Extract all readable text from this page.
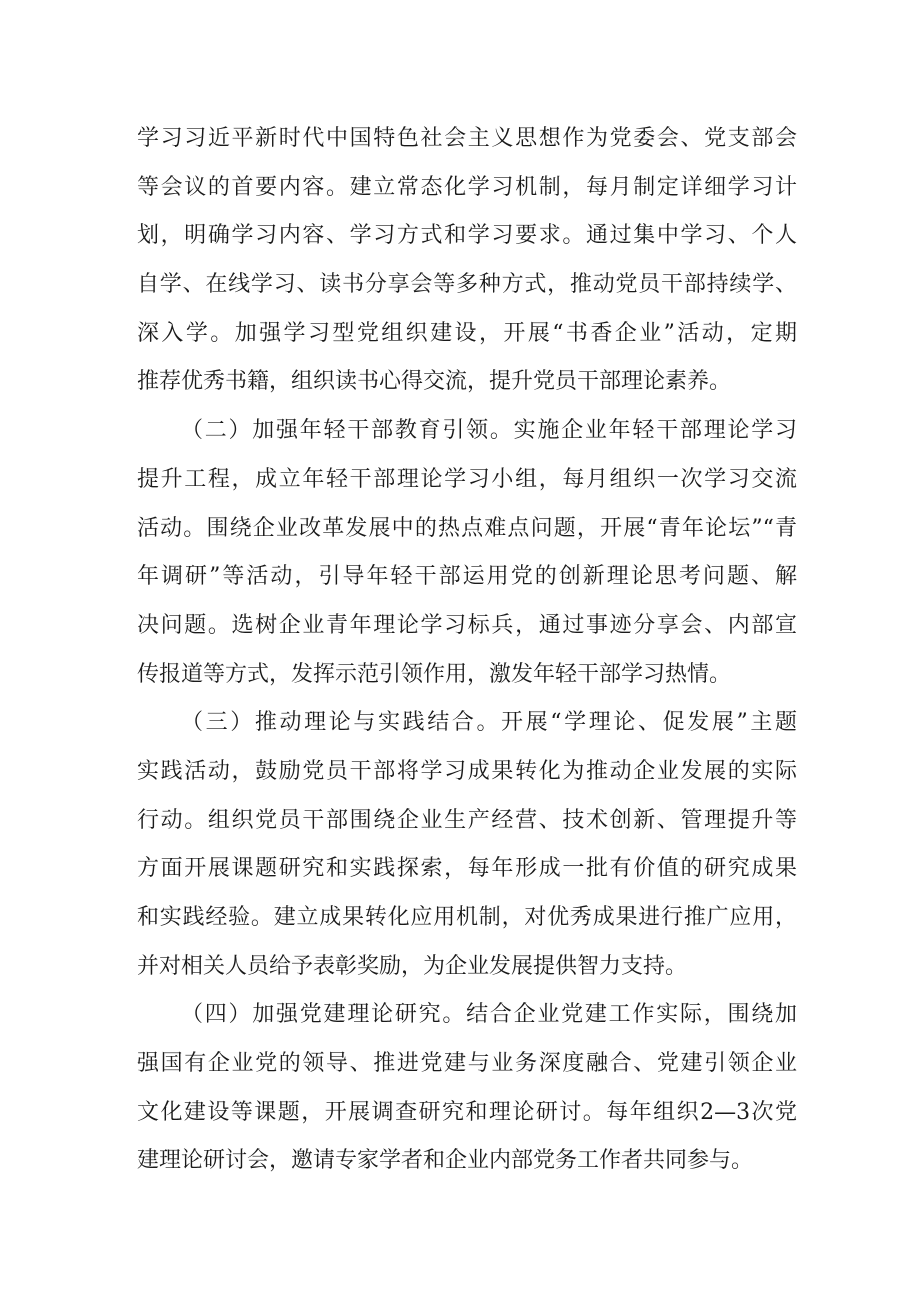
学习习近平新时代中国特色社会主义思想作为党委会、党支部会
等会议的首要内容。建立常态化学习机制，每月制定详细学习计
划，明确学习内容、学习方式和学习要求。通过集中学习、个人
自学、在线学习、读书分享会等多种方式，推动党员干部持续学、
深入学。加强学习型党组织建设，开展“书香企业”活动，定期
推荐优秀书籍，组织读书心得交流，提升党员干部理论素养。
（二）加强年轻干部教育引领。实施企业年轻干部理论学习
提升工程，成立年轻干部理论学习小组，每月组织一次学习交流
活动。围绕企业改革发展中的热点难点问题，开展“青年论坛”“青
年调研”等活动，引导年轻干部运用党的创新理论思考问题、解
决问题。选树企业青年理论学习标兵，通过事迹分享会、内部宣
传报道等方式，发挥示范引领作用，激发年轻干部学习热情。
（三）推动理论与实践结合。开展“学理论、促发展”主题
实践活动，鼓励党员干部将学习成果转化为推动企业发展的实际
行动。组织党员干部围绕企业生产经营、技术创新、管理提升等
方面开展课题研究和实践探索，每年形成一批有价值的研究成果
和实践经验。建立成果转化应用机制，对优秀成果进行推广应用，
并对相关人员给予表彰奖励，为企业发展提供智力支持。
（四）加强党建理论研究。结合企业党建工作实际，围绕加
强国有企业党的领导、推进党建与业务深度融合、党建引领企业
文化建设等课题，开展调查研究和理论研讨。每年组织2—3次党
建理论研讨会，邀请专家学者和企业内部党务工作者共同参与。
